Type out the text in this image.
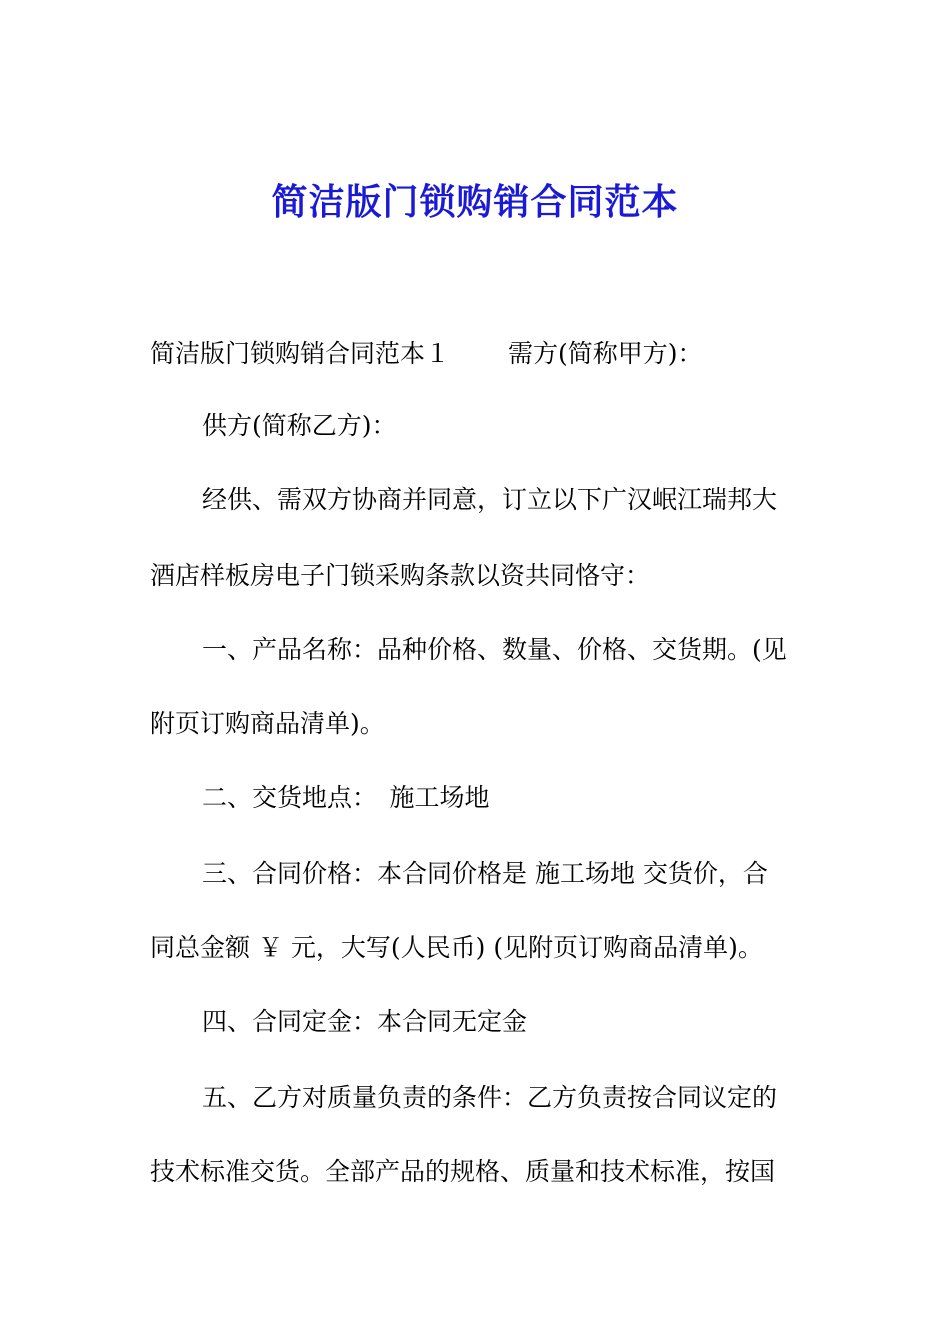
简洁版门锁购销合同范本
简洁版门锁购销合同范本１ 需方(简称甲方)：
供方(简称乙方)：
经供、需双方协商并同意，订立以下广汉岷江瑞邦大
酒店样板房电子门锁采购条款以资共同恪守：
一、产品名称：品种价格、数量、价格、交货期。(见
附页订购商品清单)。
二、交货地点：　施工场地
三、合同价格：本合同价格是 施工场地 交货价，合
同总金额 ￥ 元，大写(人民币) (见附页订购商品清单)。
四、合同定金：本合同无定金
五、乙方对质量负责的条件：乙方负责按合同议定的
技术标准交货。全部产品的规格、质量和技术标准，按国
